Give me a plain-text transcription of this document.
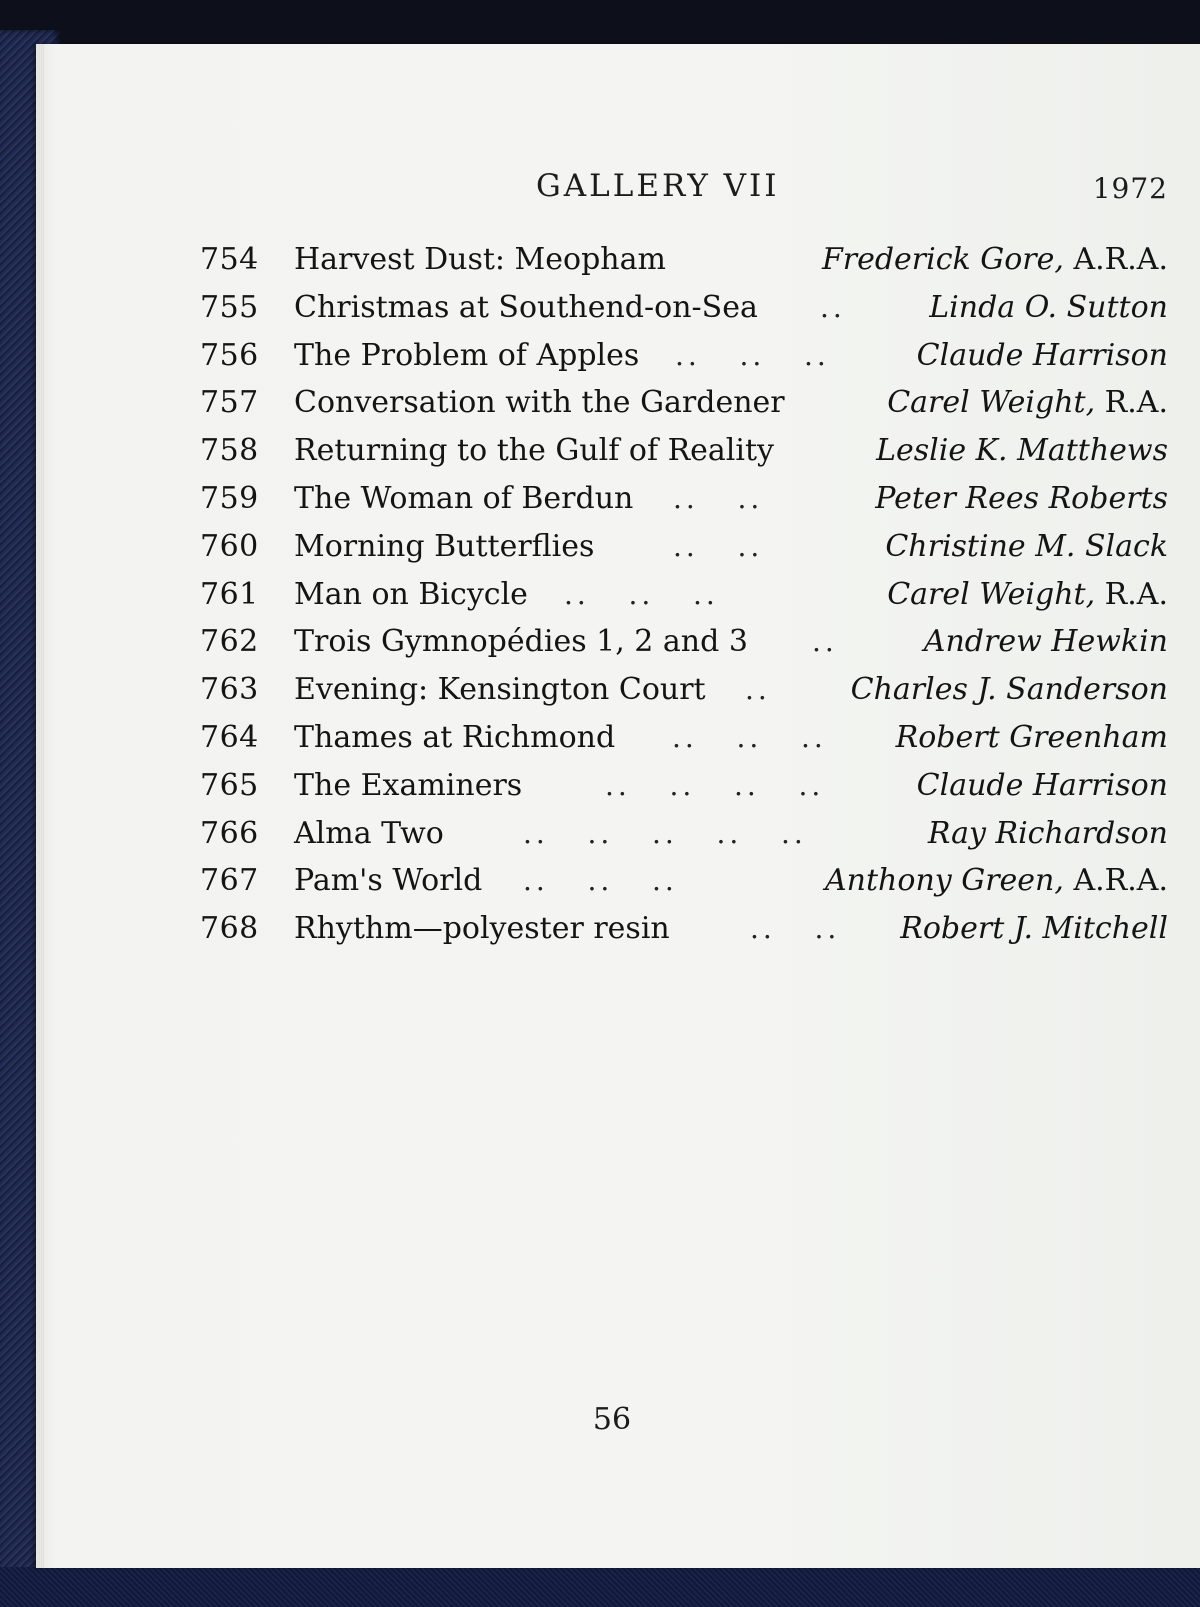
GALLERY VII	1972
754 Harvest Dust: Meopham	Frederick Gore, A.R.A.
755 Christmas at Southend-on-Sea ..	Linda O. Sutton
756 The Problem of Apples ..   ..   ..	Claude Harrison
757 Conversation with the Gardener	Carel Weight, R.A.
758 Returning to the Gulf of Reality	Leslie K. Matthews
759 The Woman of Berdun ..   ..	Peter Rees Roberts
760 Morning Butterflies	..   ..	Christine M. Slack
761 Man on Bicycle ..   ..   ..	Carel Weight, R.A.
762 Trois Gymnopédies 1, 2 and 3 ..	Andrew Hewkin
763 Evening: Kensington Court ..	Charles J. Sanderson
764 Thames at Richmond ..   ..   .. Robert Greenham
765 The Examiners	..   ..   ..   ..	Claude Harrison
766 Alma Two	..   ..   ..   ..   ..	Ray Richardson
767 Pam's World ..   ..   ..	Anthony Green, A.R.A.
768 Rhythm—polyester resin	..   .. Robert J. Mitchell
56
